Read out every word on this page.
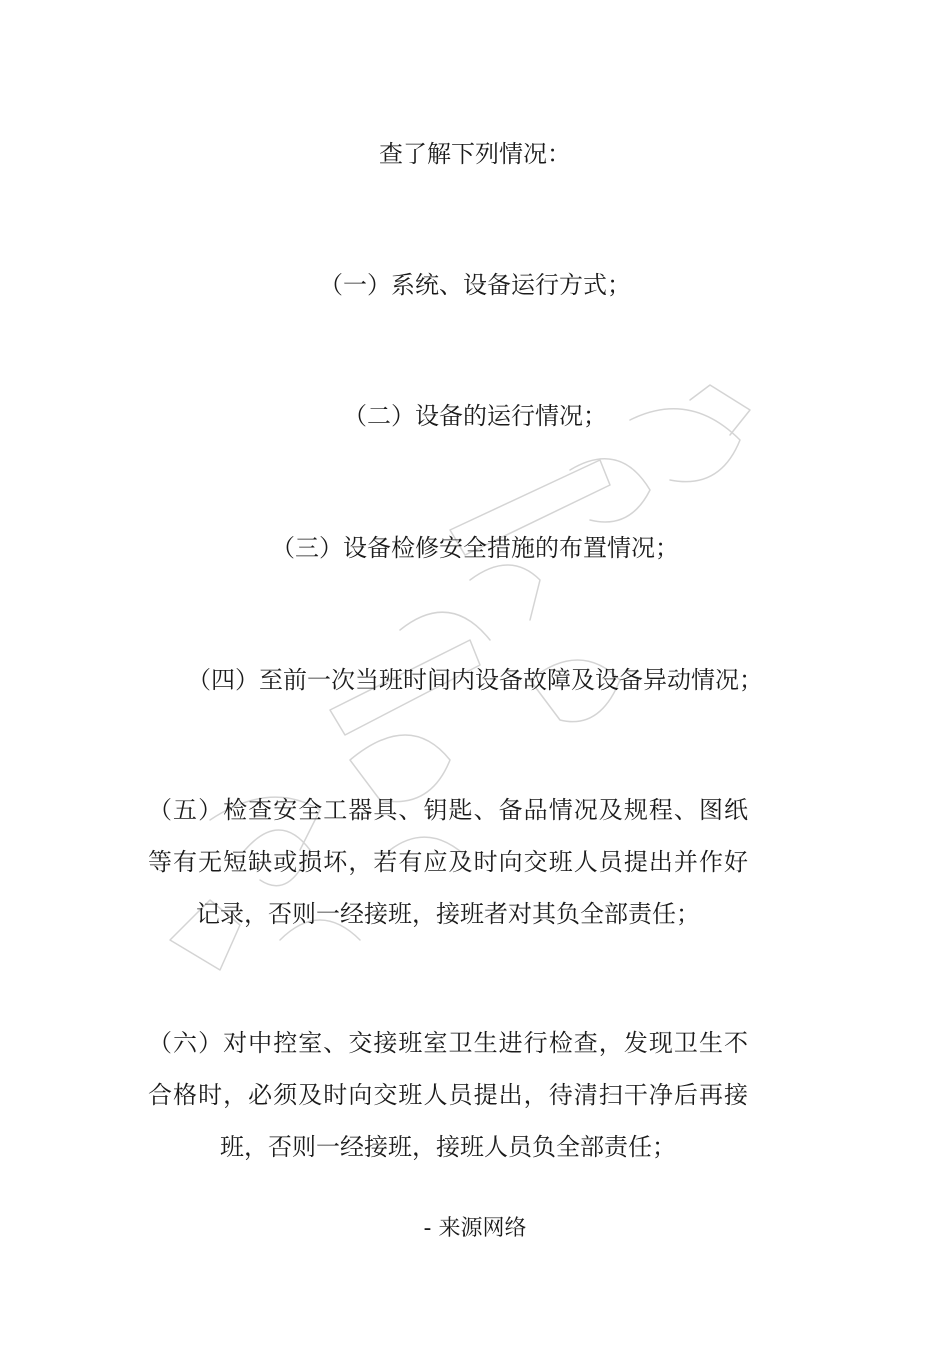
查了解下列情况：
（一）系统、设备运行方式；
（二）设备的运行情况；
（三）设备检修安全措施的布置情况；
（四）至前一次当班时间内设备故障及设备异动情况；
（五）检查安全工器具、钥匙、备品情况及规程、图纸
等有无短缺或损坏，若有应及时向交班人员提出并作好
记录，否则一经接班，接班者对其负全部责任；
（六）对中控室、交接班室卫生进行检查，发现卫生不
合格时，必须及时向交班人员提出，待清扫干净后再接
班，否则一经接班，接班人员负全部责任；
- 来源网络
